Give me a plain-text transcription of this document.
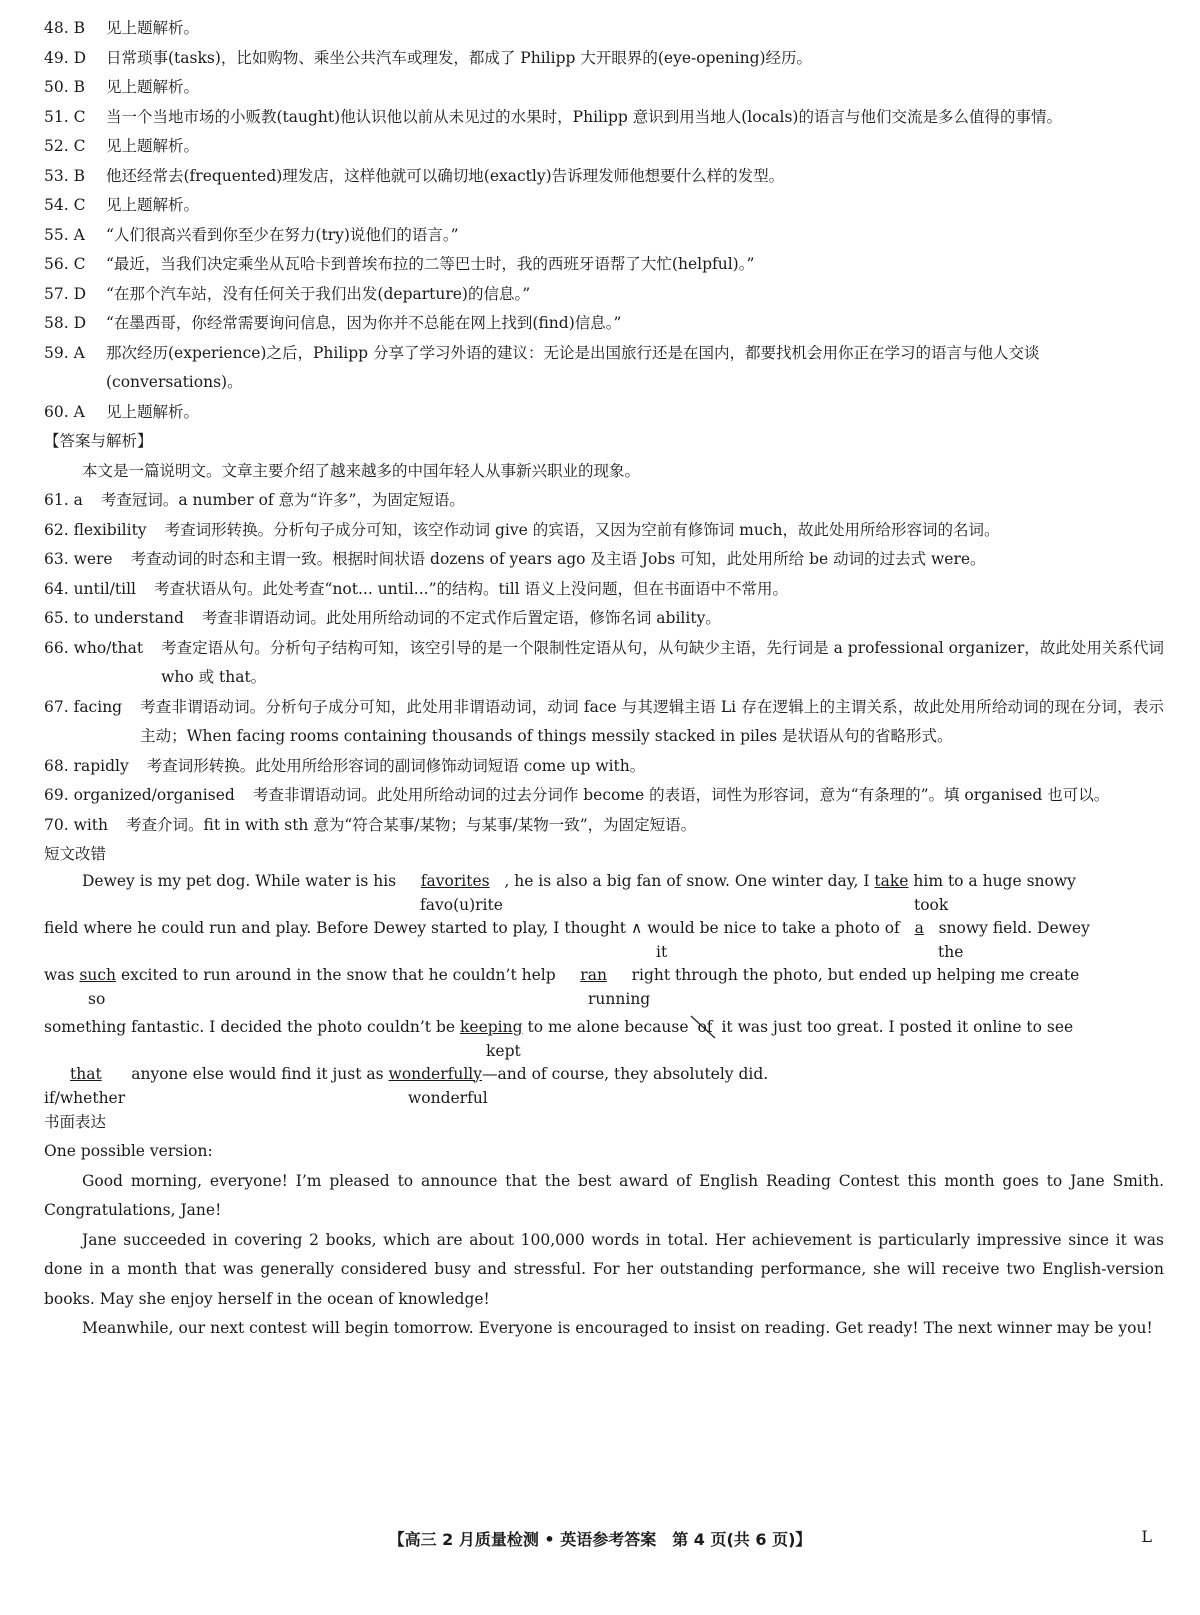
48. B	见上题解析。
49. D	日常琐事(tasks)，比如购物、乘坐公共汽车或理发，都成了 Philipp 大开眼界的(eye-opening)经历。
50. B	见上题解析。
51. C	当一个当地市场的小贩教(taught)他认识他以前从未见过的水果时，Philipp 意识到用当地人(locals)的语言与他们交流是多么值得的事情。
52. C	见上题解析。
53. B	他还经常去(frequented)理发店，这样他就可以确切地(exactly)告诉理发师他想要什么样的发型。
54. C	见上题解析。
55. A	“人们很高兴看到你至少在努力(try)说他们的语言。”
56. C	“最近，当我们决定乘坐从瓦哈卡到普埃布拉的二等巴士时，我的西班牙语帮了大忙(helpful)。”
57. D	“在那个汽车站，没有任何关于我们出发(departure)的信息。”
58. D	“在墨西哥，你经常需要询问信息，因为你并不总能在网上找到(find)信息。”
59. A	那次经历(experience)之后，Philipp 分享了学习外语的建议：无论是出国旅行还是在国内，都要找机会用你正在学习的语言与他人交谈(conversations)。
60. A	见上题解析。
【答案与解析】
本文是一篇说明文。文章主要介绍了越来越多的中国年轻人从事新兴职业的现象。
61. a	考查冠词。a number of 意为“许多”，为固定短语。
62. flexibility	考查词形转换。分析句子成分可知，该空作动词 give 的宾语，又因为空前有修饰词 much，故此处用所给形容词的名词。
63. were	考查动词的时态和主谓一致。根据时间状语 dozens of years ago 及主语 Jobs 可知，此处用所给 be 动词的过去式 were。
64. until/till	考查状语从句。此处考查“not... until...”的结构。till 语义上没问题，但在书面语中不常用。
65. to understand	考查非谓语动词。此处用所给动词的不定式作后置定语，修饰名词 ability。
66. who/that	考查定语从句。分析句子结构可知，该空引导的是一个限制性定语从句，从句缺少主语，先行词是 a professional organizer，故此处用关系代词 who 或 that。
67. facing	考查非谓语动词。分析句子成分可知，此处用非谓语动词，动词 face 与其逻辑主语 Li 存在逻辑上的主谓关系，故此处用所给动词的现在分词，表示主动；When facing rooms containing thousands of things messily stacked in piles 是状语从句的省略形式。
68. rapidly	考查词形转换。此处用所给形容词的副词修饰动词短语 come up with。
69. organized/organised	考查非谓语动词。此处用所给动词的过去分词作 become 的表语，词性为形容词，意为“有条理的”。填 organised 也可以。
70. with	考查介词。fit in with sth 意为“符合某事/某物；与某事/某物一致”，为固定短语。
短文改错
Dewey is my pet dog. While water is his favorites , he is also a big fan of snow. One winter day, I take him to a huge snowy
favo(u)rite	took
field where he could run and play. Before Dewey started to play, I thought ∧ would be nice to take a photo of a snowy field. Dewey
it	the
was such excited to run around in the snow that he couldn’t help ran right through the photo, but ended up helping me create
so	running
something fantastic. I decided the photo couldn’t be keeping to me alone because of it was just too great. I posted it online to see
kept
that anyone else would find it just as wonderfully—and of course, they absolutely did.
if/whether	wonderful
书面表达
One possible version:
Good morning, everyone! I’m pleased to announce that the best award of English Reading Contest this month goes to Jane Smith. Congratulations, Jane!
Jane succeeded in covering 2 books, which are about 100,000 words in total. Her achievement is particularly impressive since it was done in a month that was generally considered busy and stressful. For her outstanding performance, she will receive two English-version books. May she enjoy herself in the ocean of knowledge!
Meanwhile, our next contest will begin tomorrow. Everyone is encouraged to insist on reading. Get ready! The next winner may be you!
【高三 2 月质量检测 • 英语参考答案　第 4 页(共 6 页)】	L
